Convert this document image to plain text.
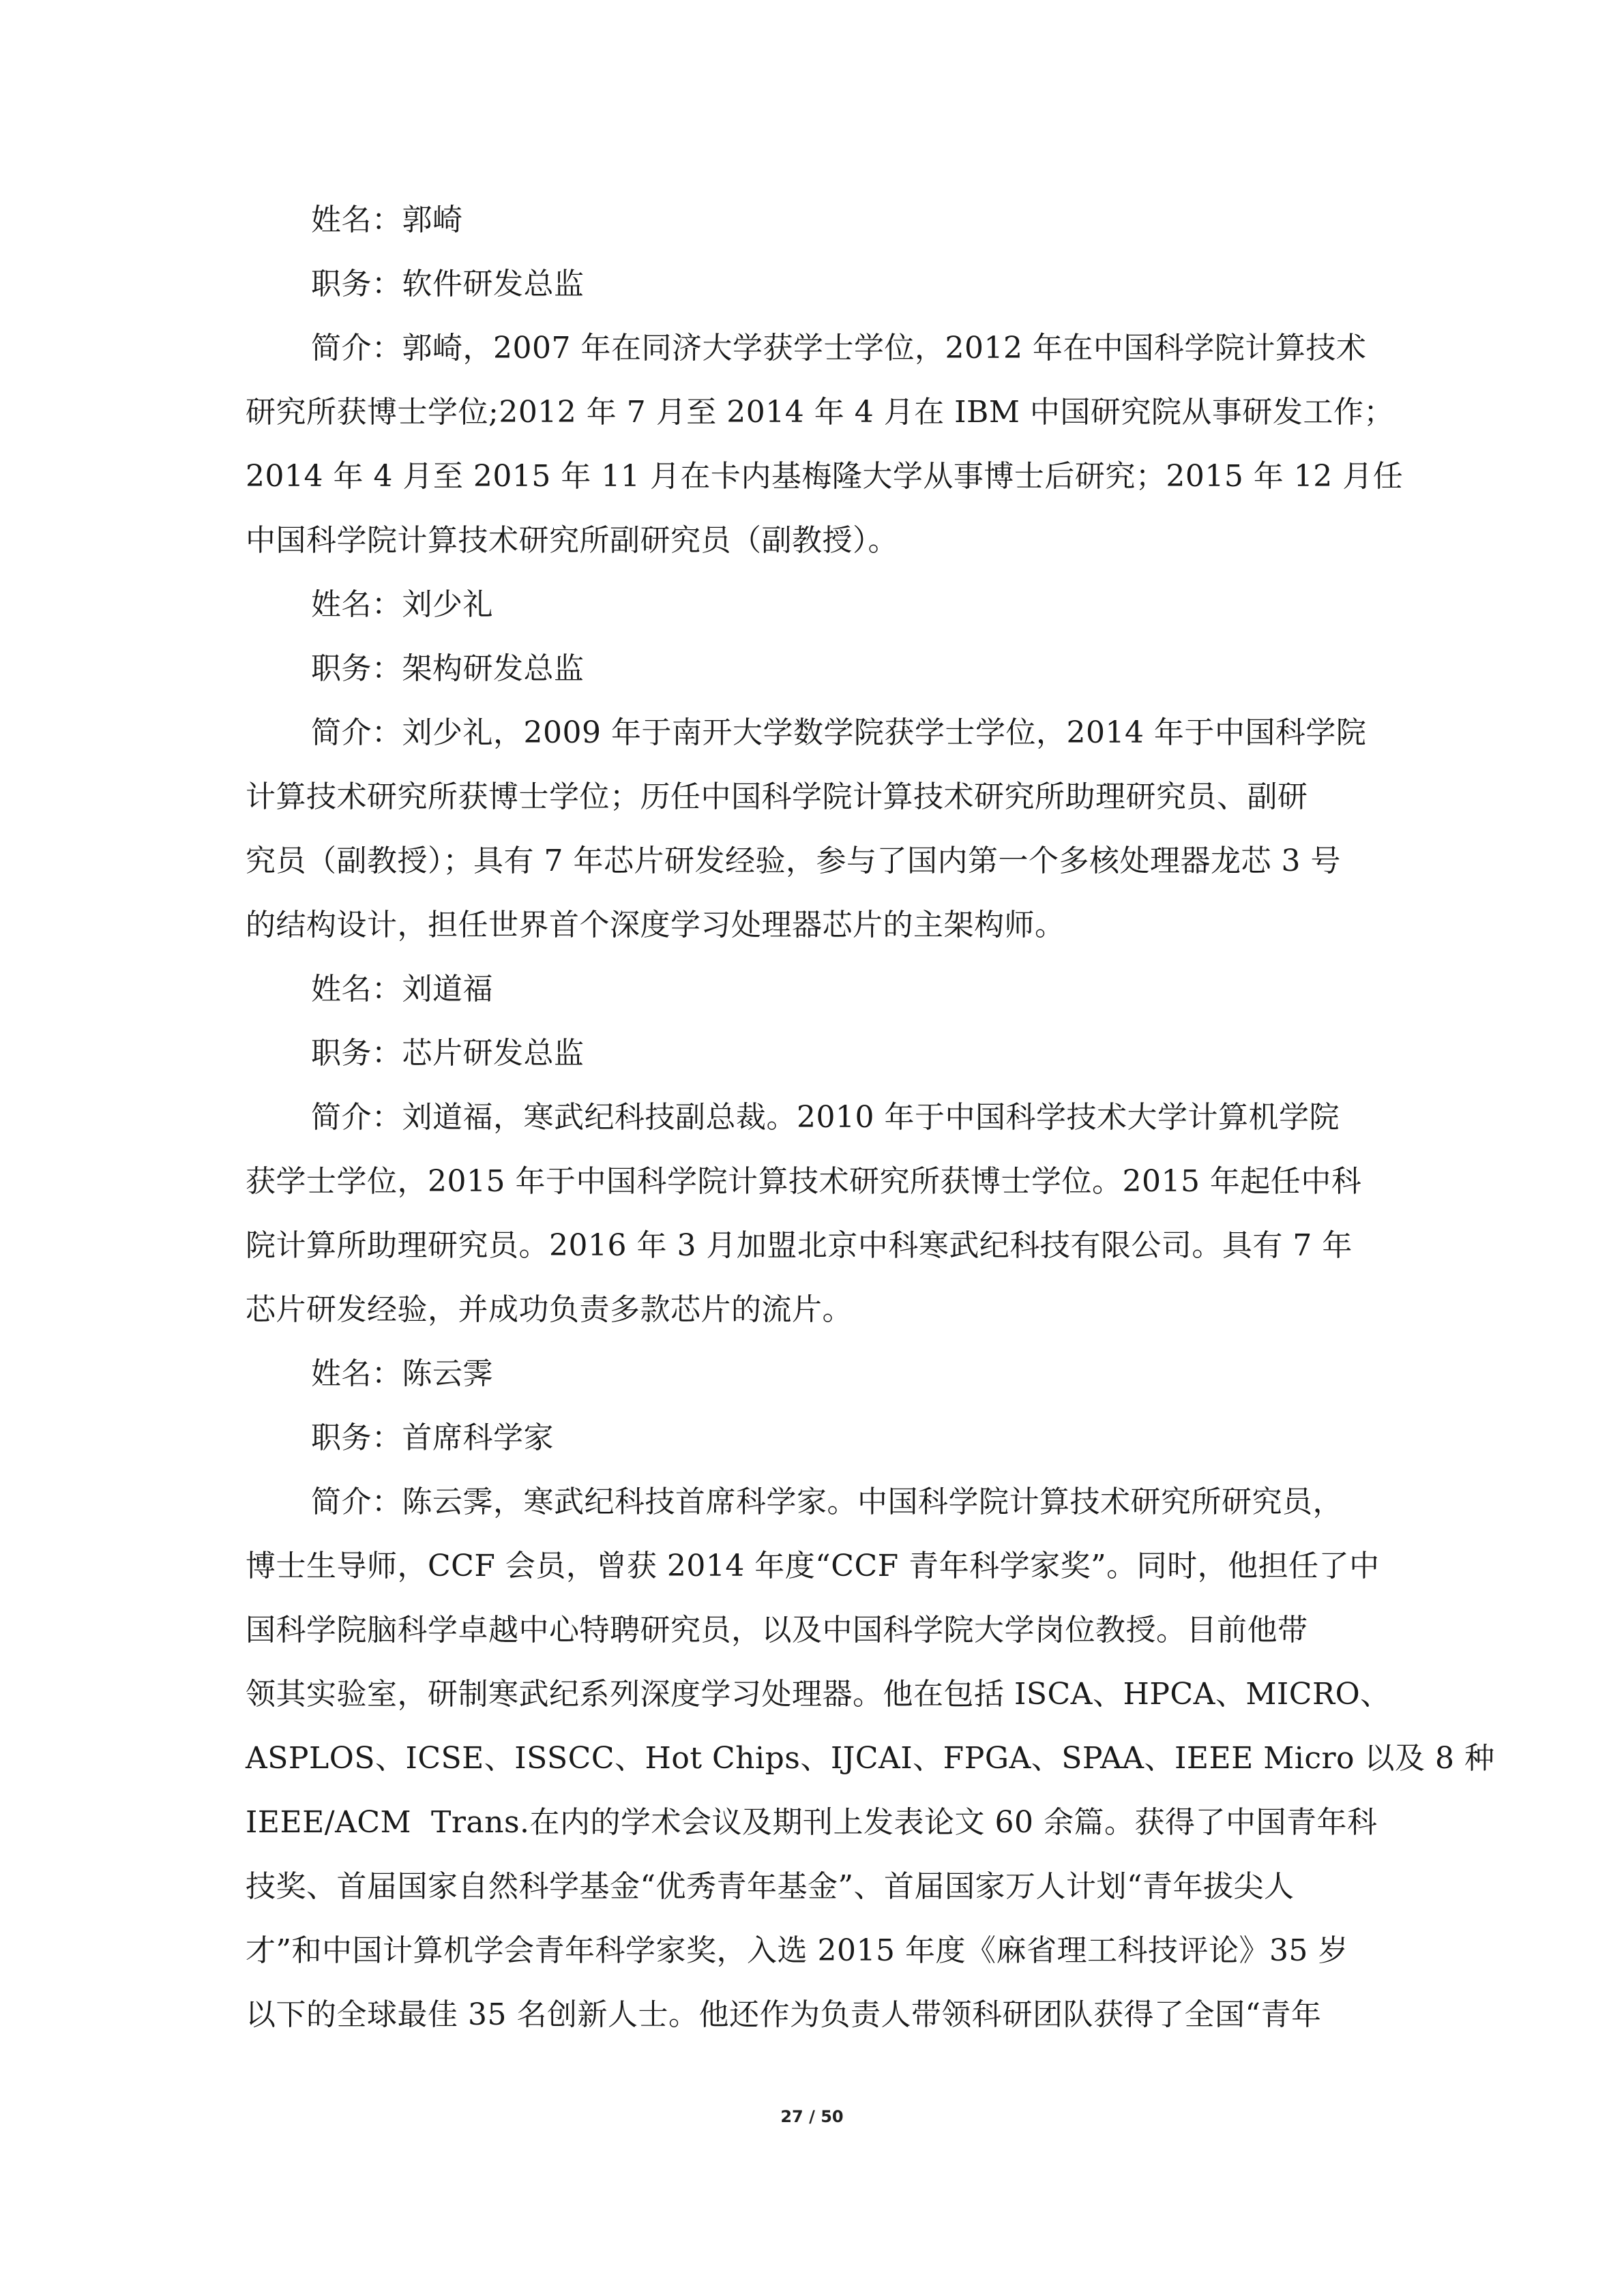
姓名：郭崎
职务：软件研发总监
简介：郭崎，2007 年在同济大学获学士学位，2012 年在中国科学院计算技术
研究所获博士学位;2012 年 7 月至 2014 年 4 月在 IBM 中国研究院从事研发工作；
2014 年 4 月至 2015 年 11 月在卡内基梅隆大学从事博士后研究；2015 年 12 月任
中国科学院计算技术研究所副研究员（副教授）。
姓名：刘少礼
职务：架构研发总监
简介：刘少礼，2009 年于南开大学数学院获学士学位，2014 年于中国科学院
计算技术研究所获博士学位；历任中国科学院计算技术研究所助理研究员、副研
究员（副教授）；具有 7 年芯片研发经验，参与了国内第一个多核处理器龙芯 3 号
的结构设计，担任世界首个深度学习处理器芯片的主架构师。
姓名：刘道福
职务：芯片研发总监
简介：刘道福，寒武纪科技副总裁。2010 年于中国科学技术大学计算机学院
获学士学位，2015 年于中国科学院计算技术研究所获博士学位。2015 年起任中科
院计算所助理研究员。2016 年 3 月加盟北京中科寒武纪科技有限公司。具有 7 年
芯片研发经验，并成功负责多款芯片的流片。
姓名：陈云霁
职务：首席科学家
简介：陈云霁，寒武纪科技首席科学家。中国科学院计算技术研究所研究员，
博士生导师，CCF 会员，曾获 2014 年度“CCF 青年科学家奖”。同时，他担任了中
国科学院脑科学卓越中心特聘研究员，以及中国科学院大学岗位教授。目前他带
领其实验室，研制寒武纪系列深度学习处理器。他在包括 ISCA、HPCA、MICRO、
ASPLOS、ICSE、ISSCC、Hot Chips、IJCAI、FPGA、SPAA、IEEE Micro 以及 8 种
IEEE/ACM  Trans.在内的学术会议及期刊上发表论文 60 余篇。获得了中国青年科
技奖、首届国家自然科学基金“优秀青年基金”、首届国家万人计划“青年拔尖人
才”和中国计算机学会青年科学家奖，入选 2015 年度《麻省理工科技评论》35 岁
以下的全球最佳 35 名创新人士。他还作为负责人带领科研团队获得了全国“青年
27 / 50
